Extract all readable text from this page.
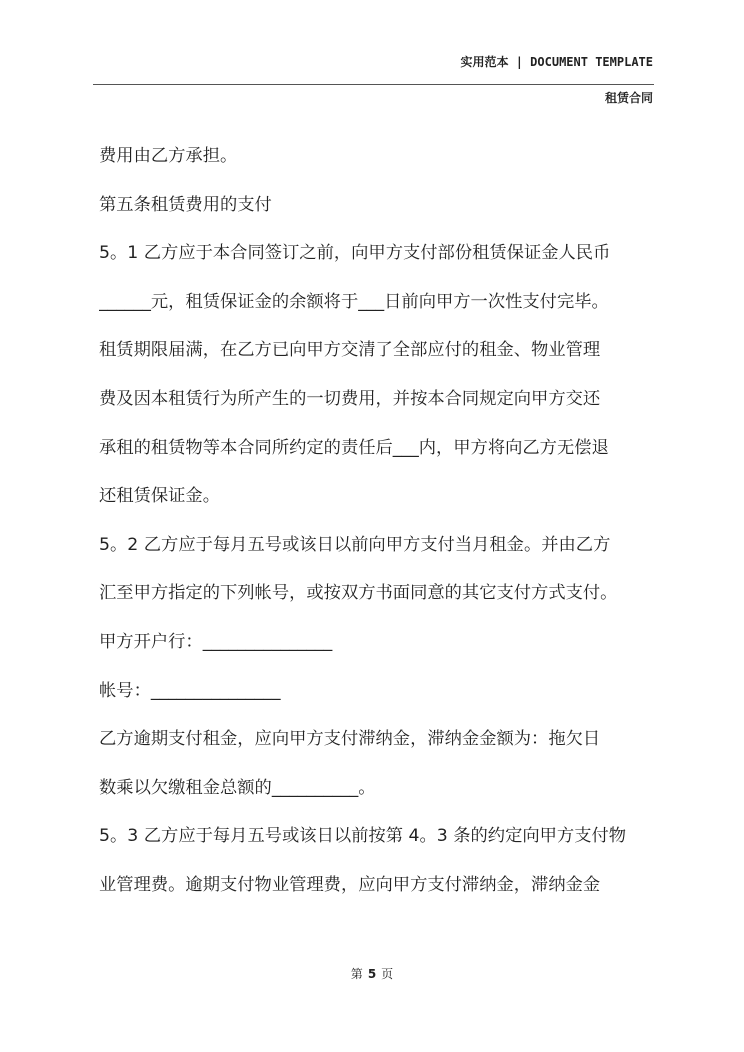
实用范本 | DOCUMENT TEMPLATE
租赁合同
费用由乙方承担。
第五条租赁费用的支付
5。1 乙方应于本合同签订之前，向甲方支付部份租赁保证金人民币
______元，租赁保证金的余额将于___日前向甲方一次性支付完毕。
租赁期限届满，在乙方已向甲方交清了全部应付的租金、物业管理
费及因本租赁行为所产生的一切费用，并按本合同规定向甲方交还
承租的租赁物等本合同所约定的责任后___内，甲方将向乙方无偿退
还租赁保证金。
5。2 乙方应于每月五号或该日以前向甲方支付当月租金。并由乙方
汇至甲方指定的下列帐号，或按双方书面同意的其它支付方式支付。
甲方开户行：_______________
帐号：_______________
乙方逾期支付租金，应向甲方支付滞纳金，滞纳金金额为：拖欠日
数乘以欠缴租金总额的__________。
5。3 乙方应于每月五号或该日以前按第 4。3 条的约定向甲方支付物
业管理费。逾期支付物业管理费，应向甲方支付滞纳金，滞纳金金
第 5 页
